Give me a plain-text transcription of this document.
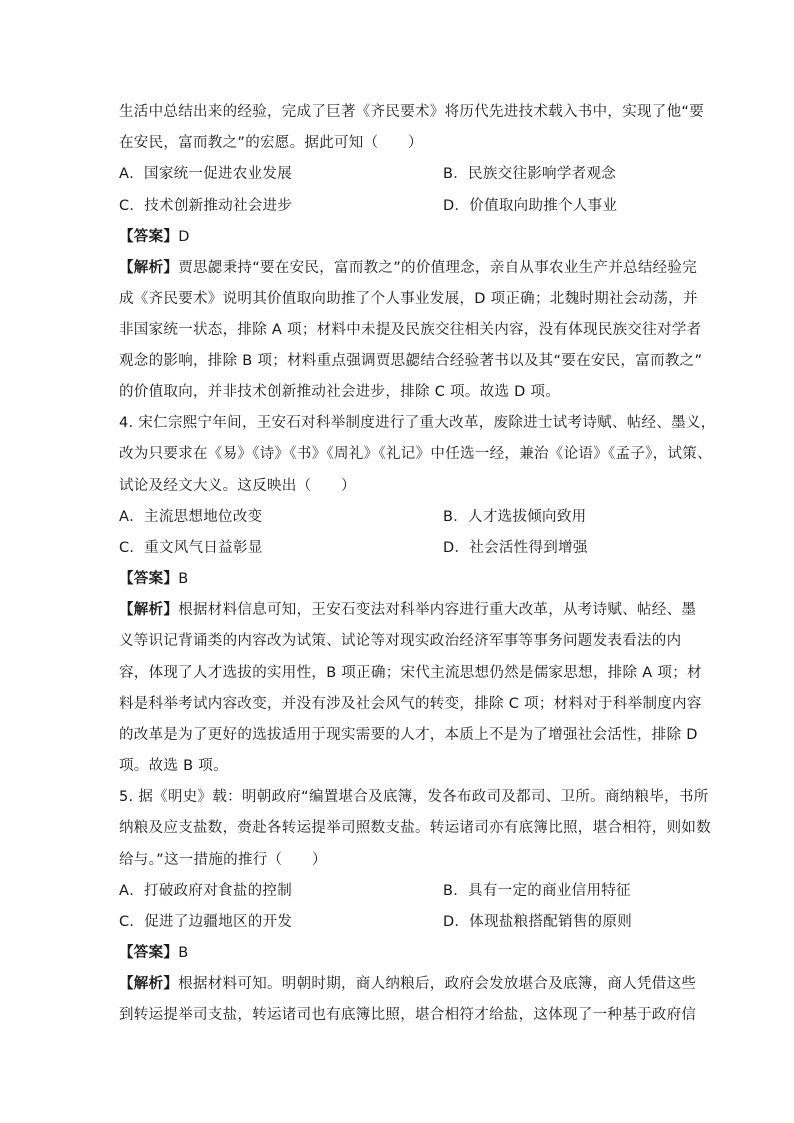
生活中总结出来的经验，完成了巨著《齐民要术》将历代先进技术载入书中，实现了他“要
在安民，富而教之”的宏愿。据此可知（　　）
A．国家统一促进农业发展	B．民族交往影响学者观念
C．技术创新推动社会进步	D．价值取向助推个人事业
【答案】D
【解析】贾思勰秉持“要在安民，富而教之”的价值理念，亲自从事农业生产并总结经验完
成《齐民要术》说明其价值取向助推了个人事业发展，D 项正确；北魏时期社会动荡，并
非国家统一状态，排除 A 项；材料中未提及民族交往相关内容，没有体现民族交往对学者
观念的影响，排除 B 项；材料重点强调贾思勰结合经验著书以及其“要在安民，富而教之”
的价值取向，并非技术创新推动社会进步，排除 C 项。故选 D 项。
4. 宋仁宗熙宁年间，王安石对科举制度进行了重大改革，废除进士试考诗赋、帖经、墨义，
改为只要求在《易》《诗》《书》《周礼》《礼记》中任选一经，兼治《论语》《孟子》，试策、
试论及经文大义。这反映出（　　）
A．主流思想地位改变	B．人才选拔倾向致用
C．重文风气日益彰显	D．社会活性得到增强
【答案】B
【解析】根据材料信息可知，王安石变法对科举内容进行重大改革，从考诗赋、帖经、墨
义等识记背诵类的内容改为试策、试论等对现实政治经济军事等事务问题发表看法的内
容，体现了人才选拔的实用性，B 项正确；宋代主流思想仍然是儒家思想，排除 A 项；材
料是科举考试内容改变，并没有涉及社会风气的转变，排除 C 项；材料对于科举制度内容
的改革是为了更好的选拔适用于现实需要的人才，本质上不是为了增强社会活性，排除 D
项。故选 B 项。
5. 据《明史》载：明朝政府“编置堪合及底簿，发各布政司及都司、卫所。商纳粮毕，书所
纳粮及应支盐数，赍赴各转运提举司照数支盐。转运诸司亦有底簿比照，堪合相符，则如数
给与。”这一措施的推行（　　）
A．打破政府对食盐的控制	B．具有一定的商业信用特征
C．促进了边疆地区的开发	D．体现盐粮搭配销售的原则
【答案】B
【解析】根据材料可知。明朝时期，商人纳粮后，政府会发放堪合及底簿，商人凭借这些
到转运提举司支盐，转运诸司也有底簿比照，堪合相符才给盐，这体现了一种基于政府信
